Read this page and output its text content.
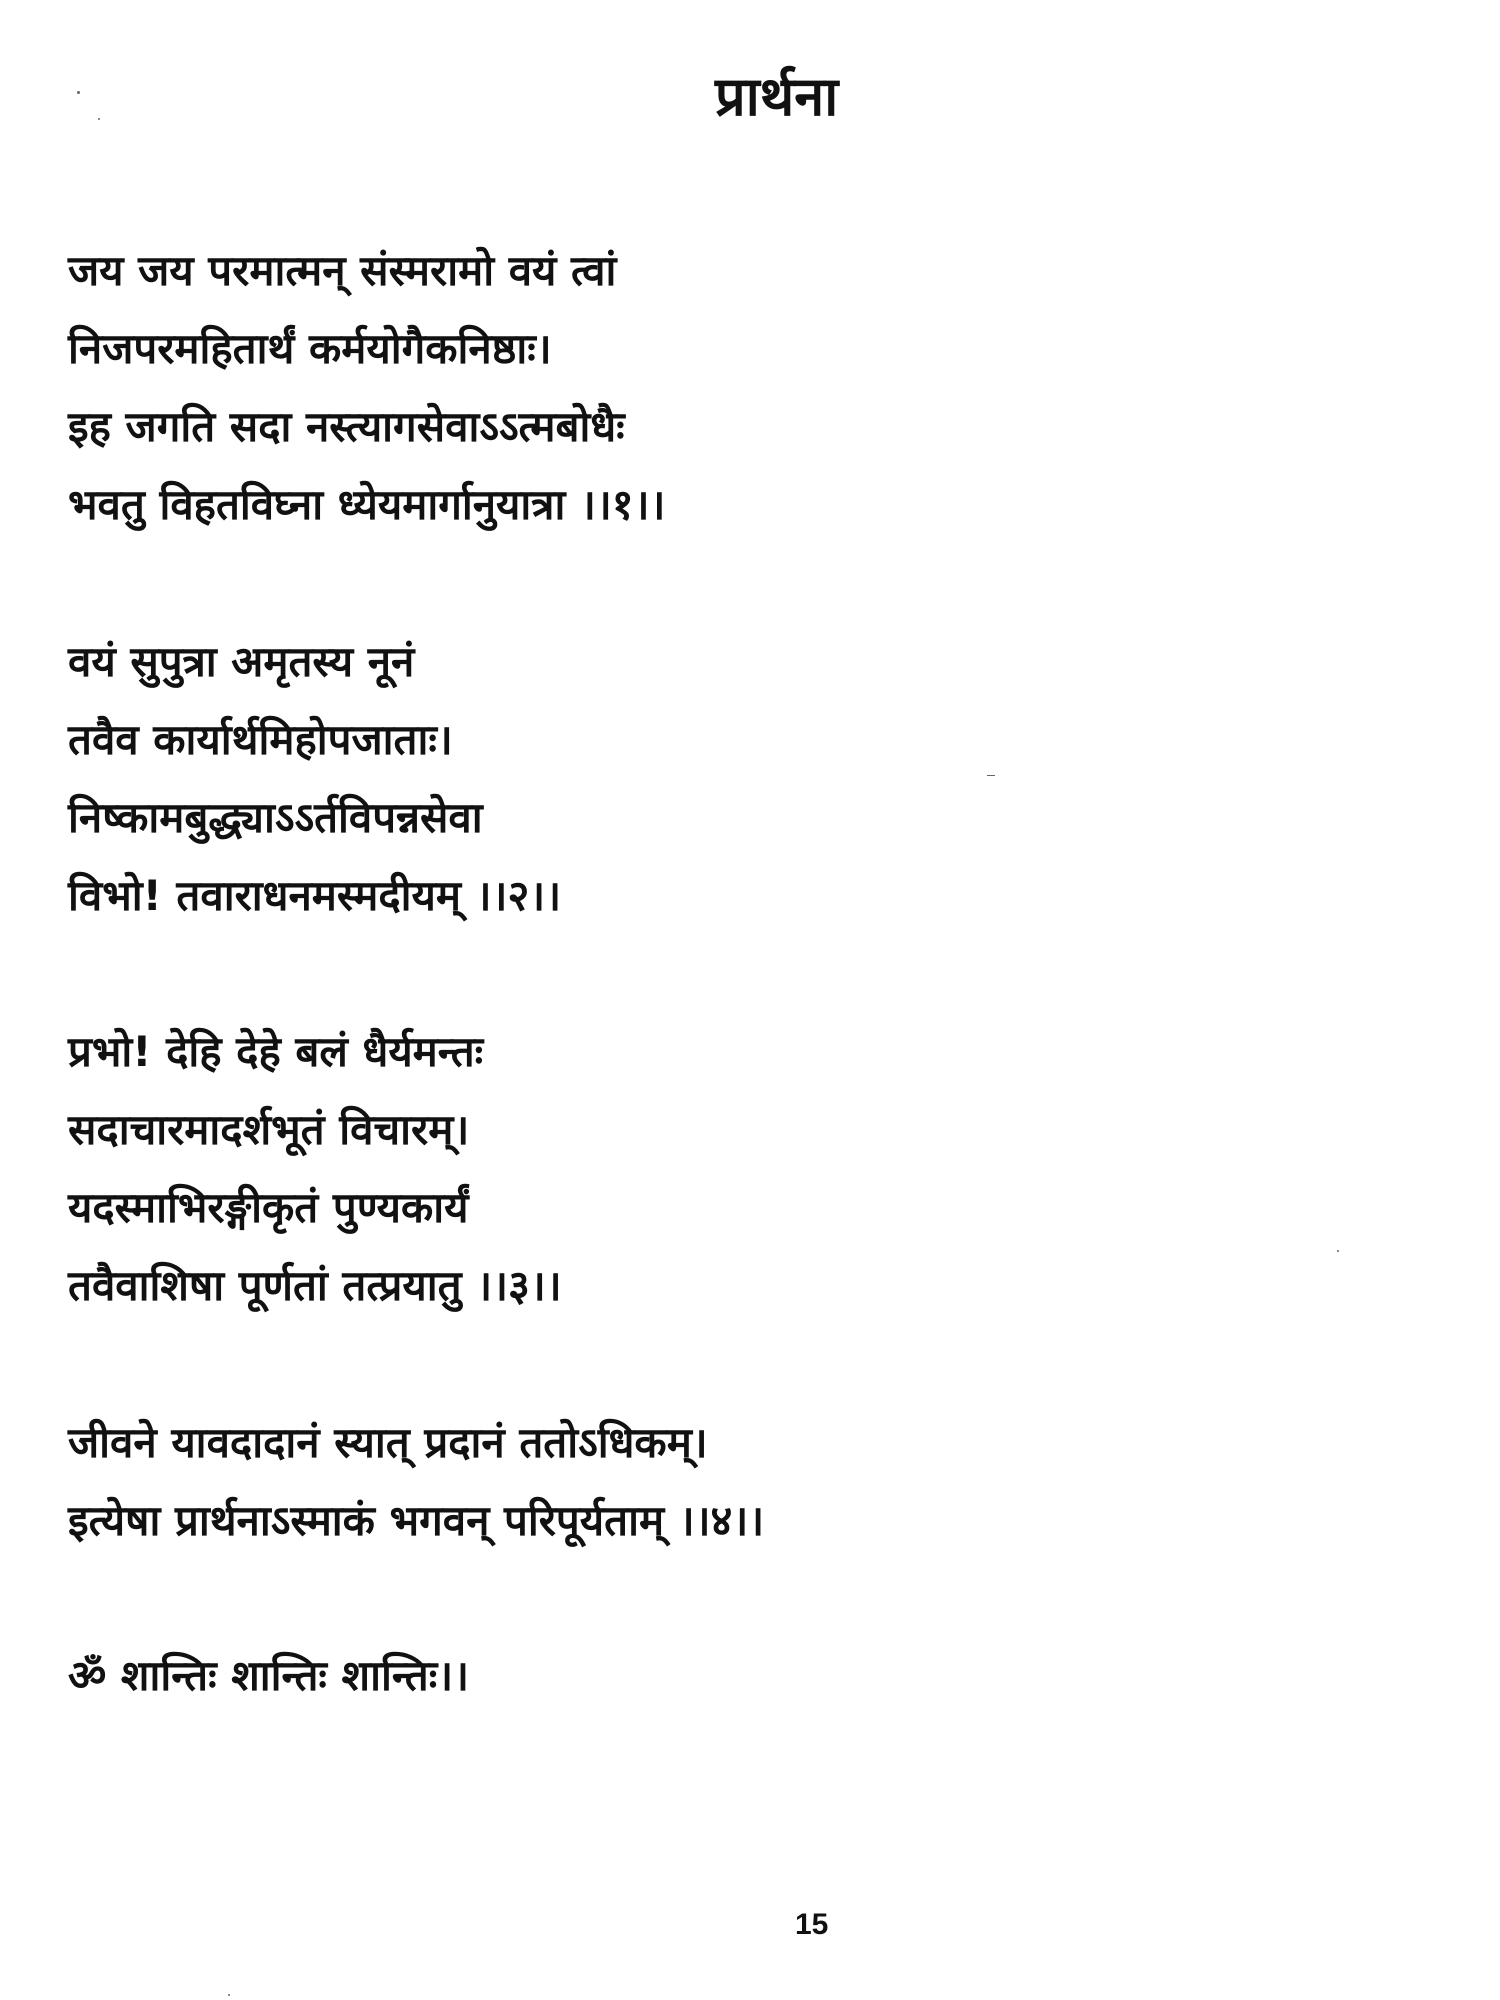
प्रार्थना
जय जय परमात्मन् संस्मरामो वयं त्वां
निजपरमहितार्थं कर्मयोगैकनिष्ठाः।
इह जगति सदा नस्त्यागसेवाऽऽत्मबोधैः
भवतु विहतविघ्ना ध्येयमार्गानुयात्रा ।।१।।
वयं सुपुत्रा अमृतस्य नूनं
तवैव कार्यार्थमिहोपजाताः।
निष्कामबुद्ध्याऽऽर्तविपन्नसेवा
विभो! तवाराधनमस्मदीयम् ।।२।।
प्रभो! देहि देहे बलं धैर्यमन्तः
सदाचारमादर्शभूतं विचारम्।
यदस्माभिरङ्गीकृतं पुण्यकार्यं
तवैवाशिषा पूर्णतां तत्प्रयातु ।।३।।
जीवने यावदादानं स्यात् प्रदानं ततोऽधिकम्।
इत्येषा प्रार्थनाऽस्माकं भगवन् परिपूर्यताम् ।।४।।
ॐ शान्तिः शान्तिः शान्तिः।।
15
